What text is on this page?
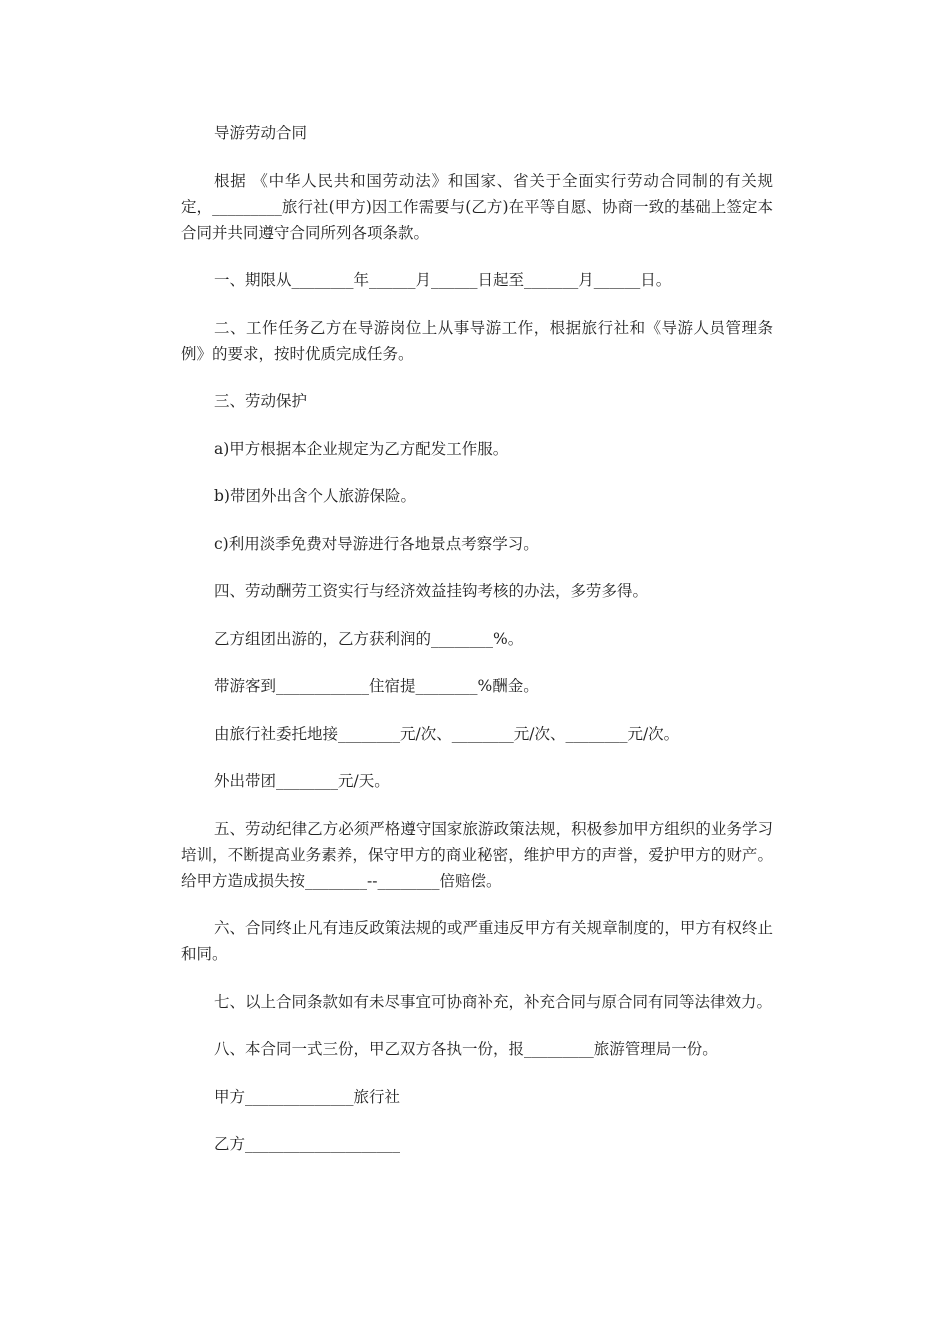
导游劳动合同
根据 《中华人民共和国劳动法》和国家、省关于全面实行劳动合同制的有关规定，_________旅行社(甲方)因工作需要与(乙方)在平等自愿、协商一致的基础上签定本合同并共同遵守合同所列各项条款。
一、期限从________年______月______日起至_______月______日。
二、工作任务乙方在导游岗位上从事导游工作，根据旅行社和《导游人员管理条例》的要求，按时优质完成任务。
三、劳动保护
a)甲方根据本企业规定为乙方配发工作服。
b)带团外出含个人旅游保险。
c)利用淡季免费对导游进行各地景点考察学习。
四、劳动酬劳工资实行与经济效益挂钩考核的办法，多劳多得。
乙方组团出游的，乙方获利润的________%。
带游客到____________住宿提________%酬金。
由旅行社委托地接________元/次、________元/次、________元/次。
外出带团________元/天。
五、劳动纪律乙方必须严格遵守国家旅游政策法规，积极参加甲方组织的业务学习培训，不断提高业务素养，保守甲方的商业秘密，维护甲方的声誉，爱护甲方的财产。给甲方造成损失按________--________倍赔偿。
六、合同终止凡有违反政策法规的或严重违反甲方有关规章制度的，甲方有权终止和同。
七、以上合同条款如有未尽事宜可协商补充，补充合同与原合同有同等法律效力。
八、本合同一式三份，甲乙双方各执一份，报_________旅游管理局一份。
甲方______________旅行社
乙方____________________
